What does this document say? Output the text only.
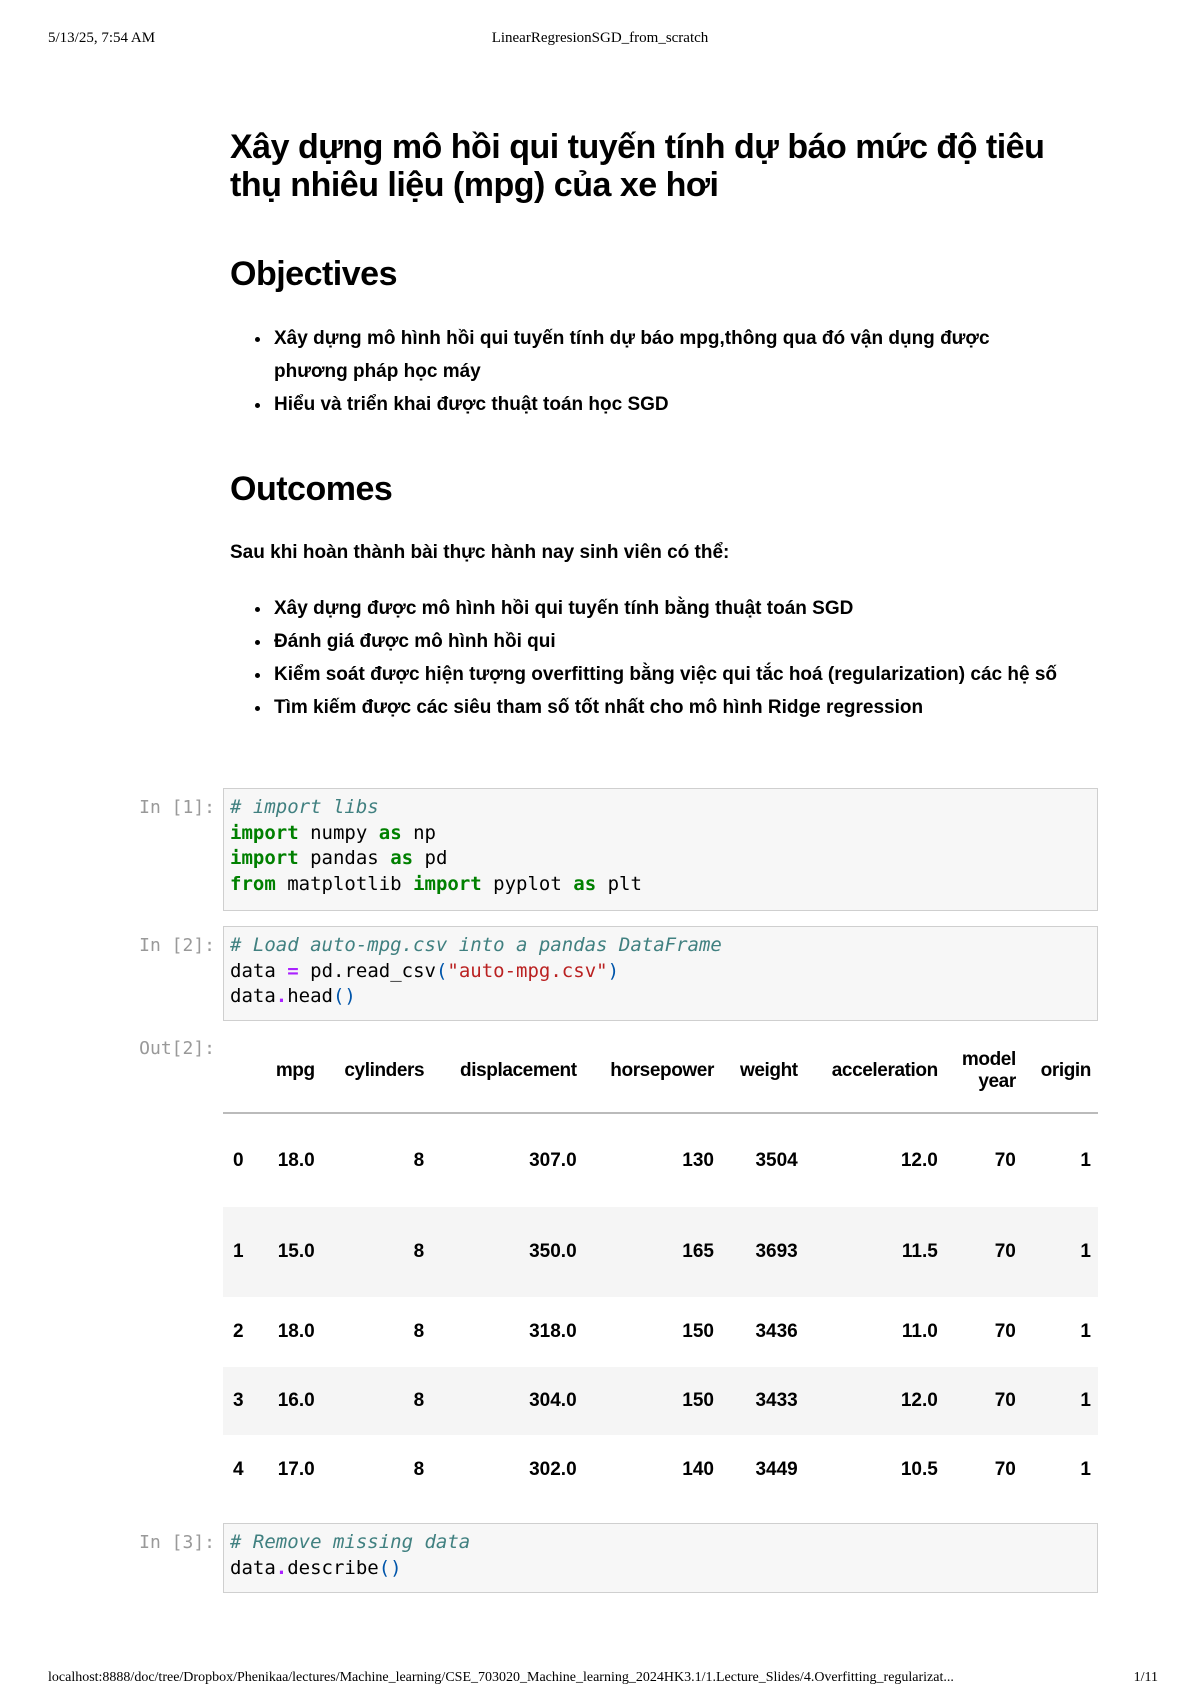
5/13/25, 7:54 AM	LinearRegresionSGD_from_scratch
Xây dựng mô hồi qui tuyến tính dự báo mức độ tiêu thụ nhiêu liệu (mpg) của xe hơi
Objectives
• Xây dựng mô hình hồi qui tuyến tính dự báo mpg,thông qua đó vận dụng được phương pháp học máy
• Hiểu và triển khai được thuật toán học SGD
Outcomes

Sau khi hoàn thành bài thực hành nay sinh viên có thể:

• Xây dựng được mô hình hồi qui tuyến tính bằng thuật toán SGD
• Đánh giá được mô hình hồi qui
• Kiểm soát được hiện tượng overfitting bằng việc qui tắc hoá (regularization) các hệ số
• Tìm kiếm được các siêu tham số tốt nhất cho mô hình Ridge regression
In [1]: # import libs
import numpy as np
import pandas as pd
from matplotlib import pyplot as plt
In [2]: # Load auto-mpg.csv into a pandas DataFrame
data = pd.read_csv("auto-mpg.csv")
data.head()
Out[2]:
	mpg	cylinders	displacement	horsepower	weight	acceleration	model year	origin
0	18.0	8	307.0	130	3504	12.0	70	1
1	15.0	8	350.0	165	3693	11.5	70	1
2	18.0	8	318.0	150	3436	11.0	70	1
3	16.0	8	304.0	150	3433	12.0	70	1
4	17.0	8	302.0	140	3449	10.5	70	1
In [3]: # Remove missing data
data.describe()
localhost:8888/doc/tree/Dropbox/Phenikaa/lectures/Machine_learning/CSE_703020_Machine_learning_2024HK3.1/1.Lecture_Slides/4.Overfitting_regularizat...	1/11
